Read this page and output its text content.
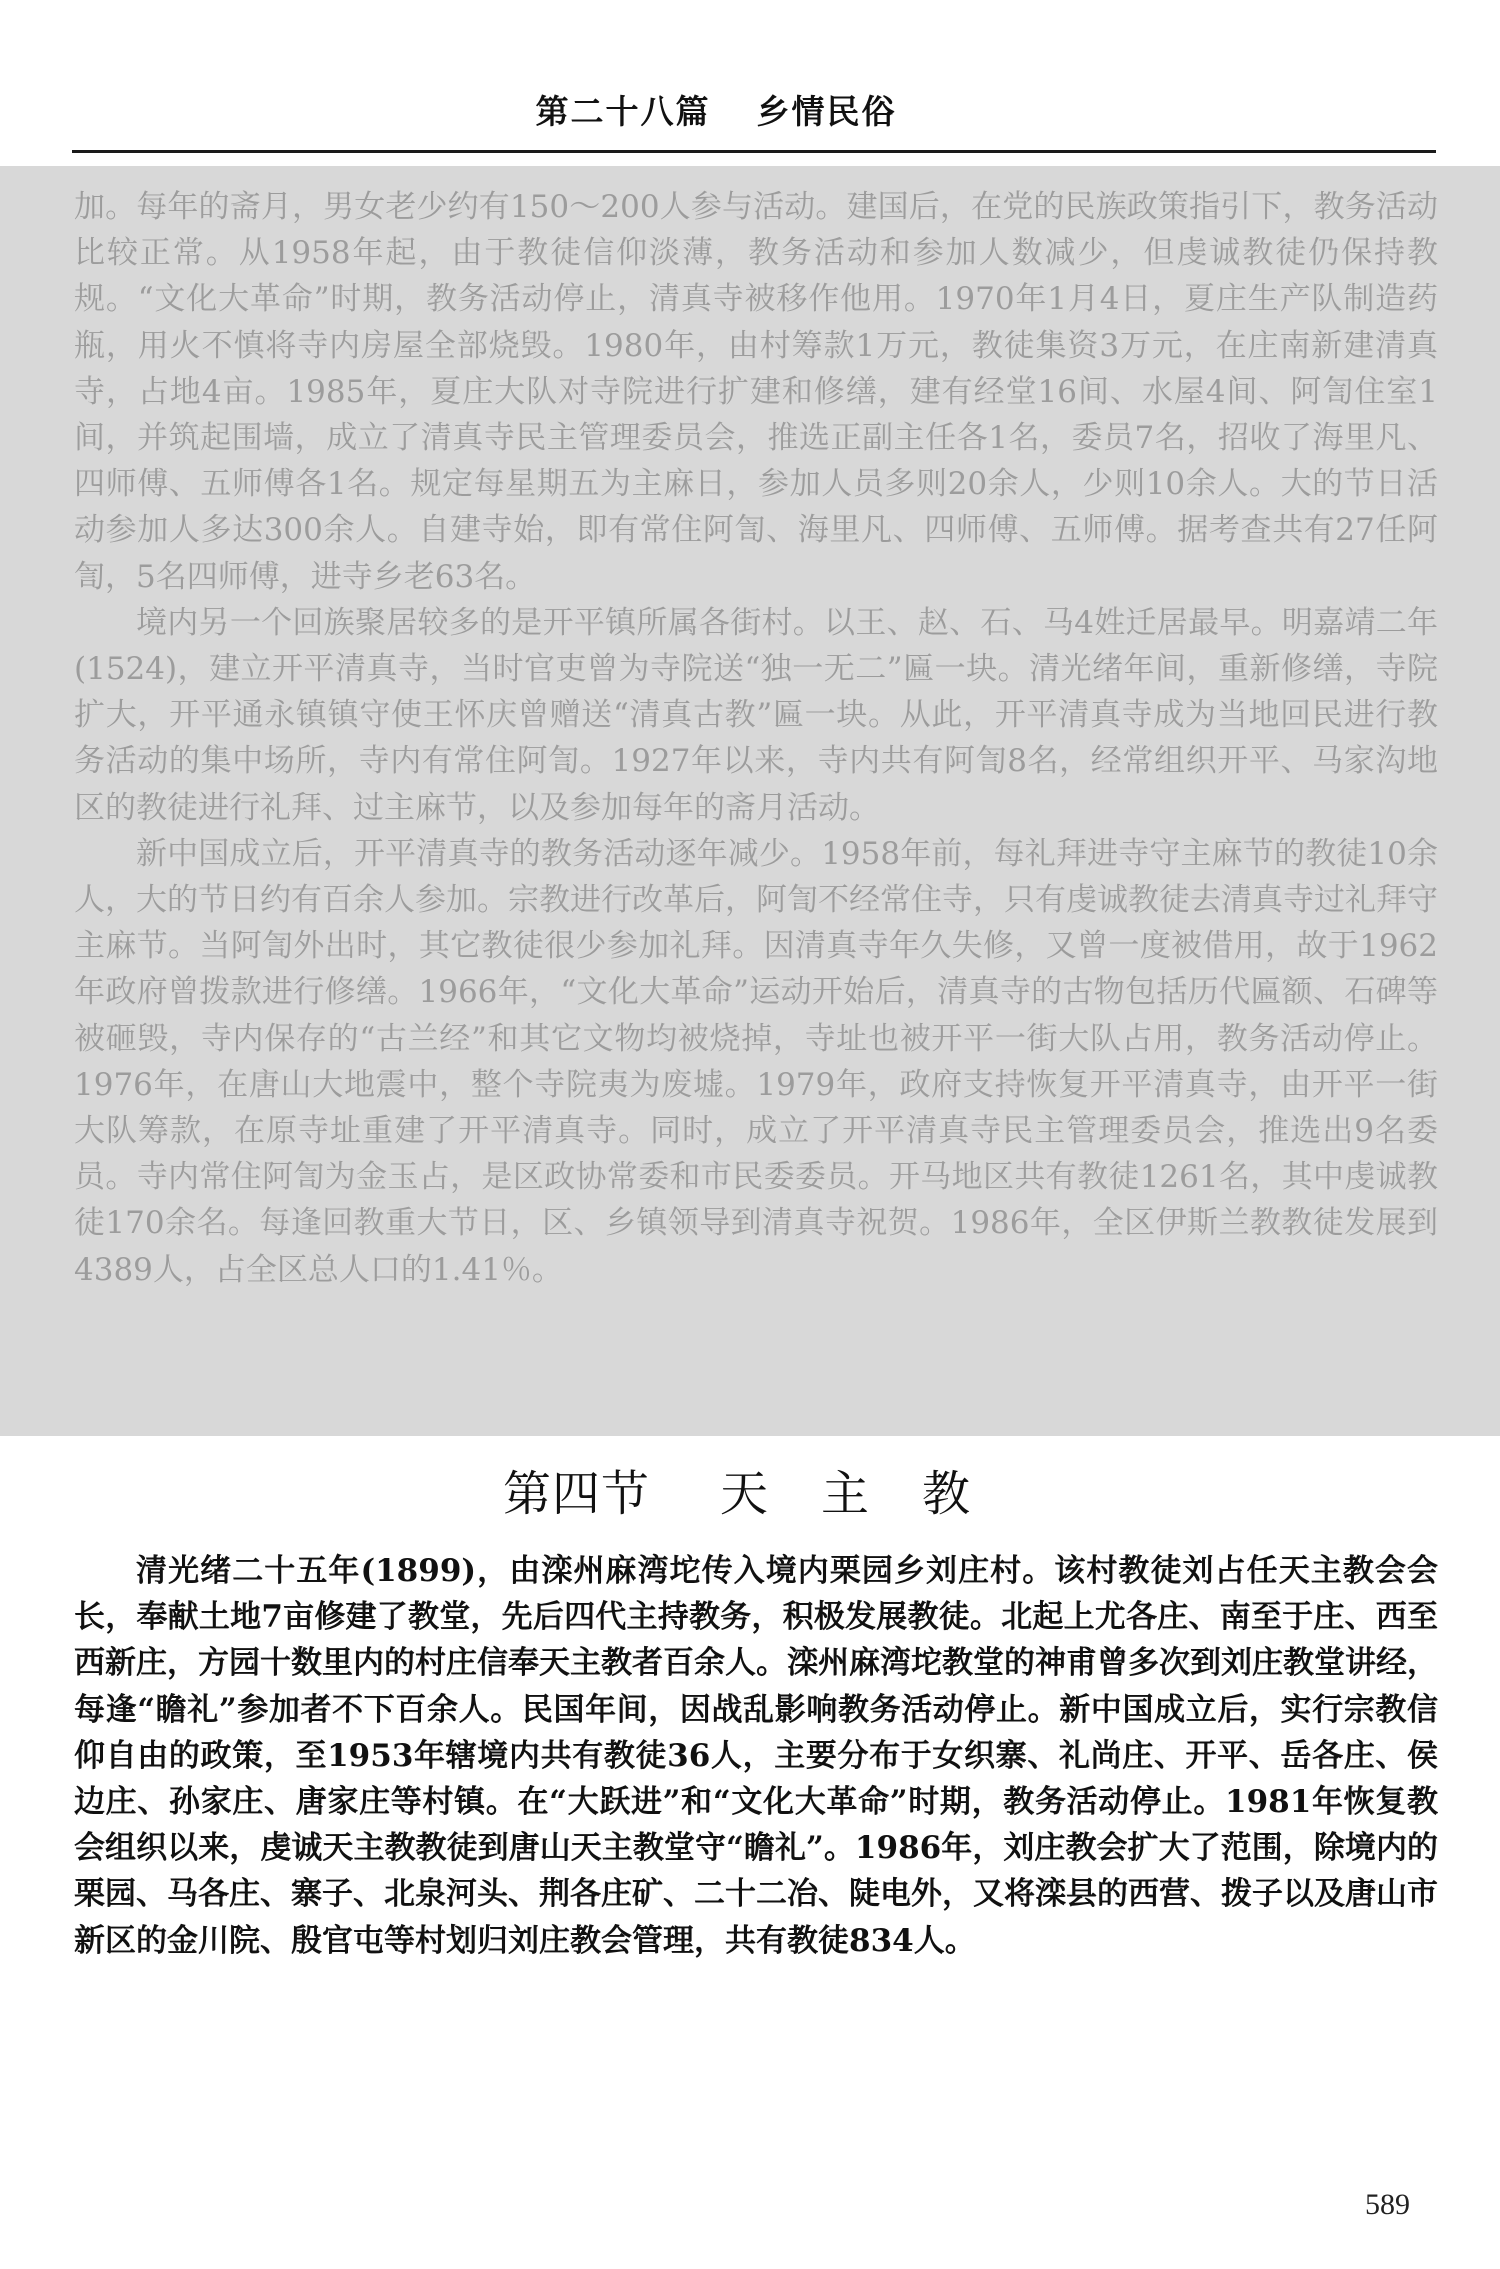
第二十八篇 乡情民俗

加。每年的斋月，男女老少约有150～200人参与活动。建国后，在党的民族政策指引下，教务活动比较正常。从1958年起，由于教徒信仰淡薄，教务活动和参加人数减少，但虔诚教徒仍保持教规。“文化大革命”时期，教务活动停止，清真寺被移作他用。1970年1月4日，夏庄生产队制造药瓶，用火不慎将寺内房屋全部烧毁。1980年，由村筹款1万元，教徒集资3万元，在庄南新建清真寺，占地4亩。1985年，夏庄大队对寺院进行扩建和修缮，建有经堂16间、水屋4间、阿訇住室1间，并筑起围墙，成立了清真寺民主管理委员会，推选正副主任各1名，委员7名，招收了海里凡、四师傅、五师傅各1名。规定每星期五为主麻日，参加人员多则20余人，少则10余人。大的节日活动参加人多达300余人。自建寺始，即有常住阿訇、海里凡、四师傅、五师傅。据考查共有27任阿訇，5名四师傅，进寺乡老63名。

境内另一个回族聚居较多的是开平镇所属各街村。以王、赵、石、马4姓迁居最早。明嘉靖二年(1524)，建立开平清真寺，当时官吏曾为寺院送“独一无二”匾一块。清光绪年间，重新修缮，寺院扩大，开平通永镇镇守使王怀庆曾赠送“清真古教”匾一块。从此，开平清真寺成为当地回民进行教务活动的集中场所，寺内有常住阿訇。1927年以来，寺内共有阿訇8名，经常组织开平、马家沟地区的教徒进行礼拜、过主麻节，以及参加每年的斋月活动。

新中国成立后，开平清真寺的教务活动逐年减少。1958年前，每礼拜进寺守主麻节的教徒10余人，大的节日约有百余人参加。宗教进行改革后，阿訇不经常住寺，只有虔诚教徒去清真寺过礼拜守主麻节。当阿訇外出时，其它教徒很少参加礼拜。因清真寺年久失修，又曾一度被借用，故于1962年政府曾拨款进行修缮。1966年，“文化大革命”运动开始后，清真寺的古物包括历代匾额、石碑等被砸毁，寺内保存的“古兰经”和其它文物均被烧掉，寺址也被开平一街大队占用，教务活动停止。1976年，在唐山大地震中，整个寺院夷为废墟。1979年，政府支持恢复开平清真寺，由开平一街大队筹款，在原寺址重建了开平清真寺。同时，成立了开平清真寺民主管理委员会，推选出9名委员。寺内常住阿訇为金玉占，是区政协常委和市民委委员。开马地区共有教徒1261名，其中虔诚教徒170余名。每逢回教重大节日，区、乡镇领导到清真寺祝贺。1986年，全区伊斯兰教教徒发展到4389人，占全区总人口的1.41％。

第四节 天 主 教

清光绪二十五年(1899)，由滦州麻湾坨传入境内栗园乡刘庄村。该村教徒刘占任天主教会会长，奉献土地7亩修建了教堂，先后四代主持教务，积极发展教徒。北起上尤各庄、南至于庄、西至西新庄，方园十数里内的村庄信奉天主教者百余人。滦州麻湾坨教堂的神甫曾多次到刘庄教堂讲经，每逢“瞻礼”参加者不下百余人。民国年间，因战乱影响教务活动停止。新中国成立后，实行宗教信仰自由的政策，至1953年辖境内共有教徒36人，主要分布于女织寨、礼尚庄、开平、岳各庄、侯边庄、孙家庄、唐家庄等村镇。在“大跃进”和“文化大革命”时期，教务活动停止。1981年恢复教会组织以来，虔诚天主教教徒到唐山天主教堂守“瞻礼”。1986年，刘庄教会扩大了范围，除境内的栗园、马各庄、寨子、北泉河头、荆各庄矿、二十二冶、陡电外，又将滦县的西营、拨子以及唐山市新区的金川院、殷官屯等村划归刘庄教会管理，共有教徒834人。

589
